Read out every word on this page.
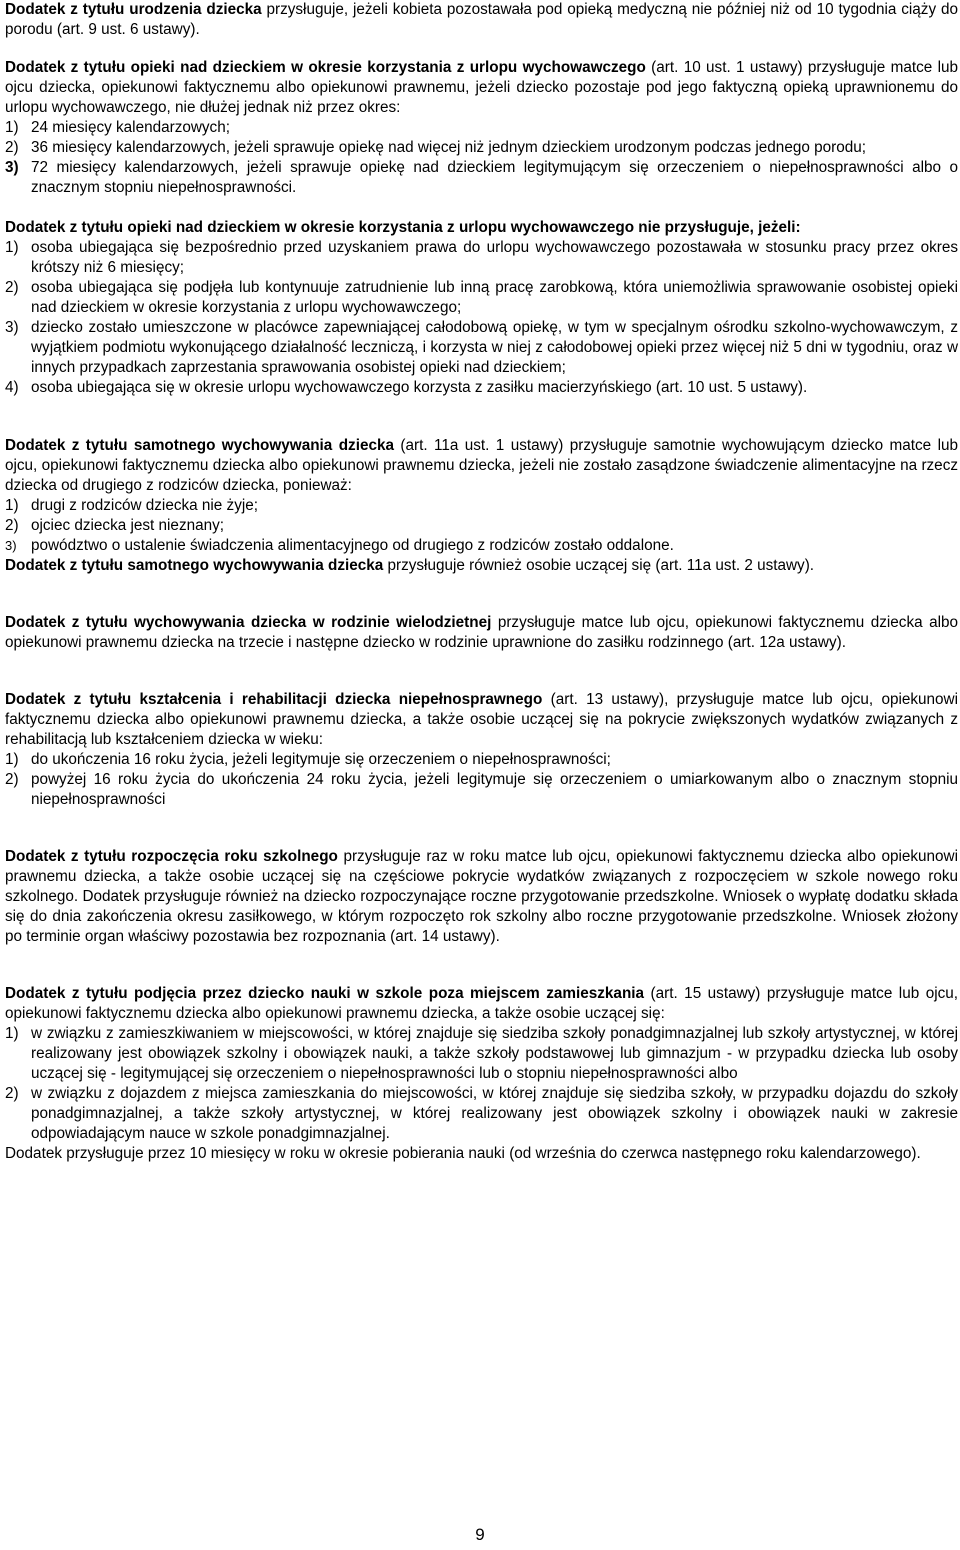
Dodatek z tytułu urodzenia dziecka przysługuje, jeżeli kobieta pozostawała pod opieką medyczną nie później niż od 10 tygodnia ciąży do porodu (art. 9 ust. 6 ustawy).

Dodatek z tytułu opieki nad dzieckiem w okresie korzystania z urlopu wychowawczego (art. 10 ust. 1 ustawy) przysługuje matce lub ojcu dziecka, opiekunowi faktycznemu albo opiekunowi prawnemu, jeżeli dziecko pozostaje pod jego faktyczną opieką uprawnionemu do urlopu wychowawczego, nie dłużej jednak niż przez okres:

1) 24 miesięcy kalendarzowych;
2) 36 miesięcy kalendarzowych, jeżeli sprawuje opiekę nad więcej niż jednym dzieckiem urodzonym podczas jednego porodu;
3) 72 miesięcy kalendarzowych, jeżeli sprawuje opiekę nad dzieckiem legitymującym się orzeczeniem o niepełnosprawności albo o znacznym stopniu niepełnosprawności.

Dodatek z tytułu opieki nad dzieckiem w okresie korzystania z urlopu wychowawczego nie przysługuje, jeżeli:

1) osoba ubiegająca się bezpośrednio przed uzyskaniem prawa do urlopu wychowawczego pozostawała w stosunku pracy przez okres krótszy niż 6 miesięcy;
2) osoba ubiegająca się podjęła lub kontynuuje zatrudnienie lub inną pracę zarobkową, która uniemożliwia sprawowanie osobistej opieki nad dzieckiem w okresie korzystania z urlopu wychowawczego;
3) dziecko zostało umieszczone w placówce zapewniającej całodobową opiekę, w tym w specjalnym ośrodku szkolno-wychowawczym, z wyjątkiem podmiotu wykonującego działalność leczniczą, i korzysta w niej z całodobowej opieki przez więcej niż 5 dni w tygodniu, oraz w innych przypadkach zaprzestania sprawowania osobistej opieki nad dzieckiem;
4) osoba ubiegająca się w okresie urlopu wychowawczego korzysta z zasiłku macierzyńskiego (art. 10 ust. 5 ustawy).

Dodatek z tytułu samotnego wychowywania dziecka (art. 11a ust. 1 ustawy) przysługuje samotnie wychowującym dziecko matce lub ojcu, opiekunowi faktycznemu dziecka albo opiekunowi prawnemu dziecka, jeżeli nie zostało zasądzone świadczenie alimentacyjne na rzecz dziecka od drugiego z rodziców dziecka, ponieważ:

1) drugi z rodziców dziecka nie żyje;
2) ojciec dziecka jest nieznany;
3) powództwo o ustalenie świadczenia alimentacyjnego od drugiego z rodziców zostało oddalone.

Dodatek z tytułu samotnego wychowywania dziecka przysługuje również osobie uczącej się (art. 11a ust. 2 ustawy).

Dodatek z tytułu wychowywania dziecka w rodzinie wielodzietnej przysługuje matce lub ojcu, opiekunowi faktycznemu dziecka albo opiekunowi prawnemu dziecka na trzecie i następne dziecko w rodzinie uprawnione do zasiłku rodzinnego (art. 12a ustawy).

Dodatek z tytułu kształcenia i rehabilitacji dziecka niepełnosprawnego (art. 13 ustawy), przysługuje matce lub ojcu, opiekunowi faktycznemu dziecka albo opiekunowi prawnemu dziecka, a także osobie uczącej się na pokrycie zwiększonych wydatków związanych z rehabilitacją lub kształceniem dziecka w wieku:

1) do ukończenia 16 roku życia, jeżeli legitymuje się orzeczeniem o niepełnosprawności;
2) powyżej 16 roku życia do ukończenia 24 roku życia, jeżeli legitymuje się orzeczeniem o umiarkowanym albo o znacznym stopniu niepełnosprawności

Dodatek z tytułu rozpoczęcia roku szkolnego przysługuje raz w roku matce lub ojcu, opiekunowi faktycznemu dziecka albo opiekunowi prawnemu dziecka, a także osobie uczącej się na częściowe pokrycie wydatków związanych z rozpoczęciem w szkole nowego roku szkolnego. Dodatek przysługuje również na dziecko rozpoczynające roczne przygotowanie przedszkolne. Wniosek o wypłatę dodatku składa się do dnia zakończenia okresu zasiłkowego, w którym rozpoczęto rok szkolny albo roczne przygotowanie przedszkolne. Wniosek złożony po terminie organ właściwy pozostawia bez rozpoznania (art. 14 ustawy).

Dodatek z tytułu podjęcia przez dziecko nauki w szkole poza miejscem zamieszkania (art. 15 ustawy) przysługuje matce lub ojcu, opiekunowi faktycznemu dziecka albo opiekunowi prawnemu dziecka, a także osobie uczącej się:

1) w związku z zamieszkiwaniem w miejscowości, w której znajduje się siedziba szkoły ponadgimnazjalnej lub szkoły artystycznej, w której realizowany jest obowiązek szkolny i obowiązek nauki, a także szkoły podstawowej lub gimnazjum - w przypadku dziecka lub osoby uczącej się - legitymującej się orzeczeniem o niepełnosprawności lub o stopniu niepełnosprawności albo
2) w związku z dojazdem z miejsca zamieszkania do miejscowości, w której znajduje się siedziba szkoły, w przypadku dojazdu do szkoły ponadgimnazjalnej, a także szkoły artystycznej, w której realizowany jest obowiązek szkolny i obowiązek nauki w zakresie odpowiadającym nauce w szkole ponadgimnazjalnej.

Dodatek przysługuje przez 10 miesięcy w roku w okresie pobierania nauki (od września do czerwca następnego roku kalendarzowego).

9
